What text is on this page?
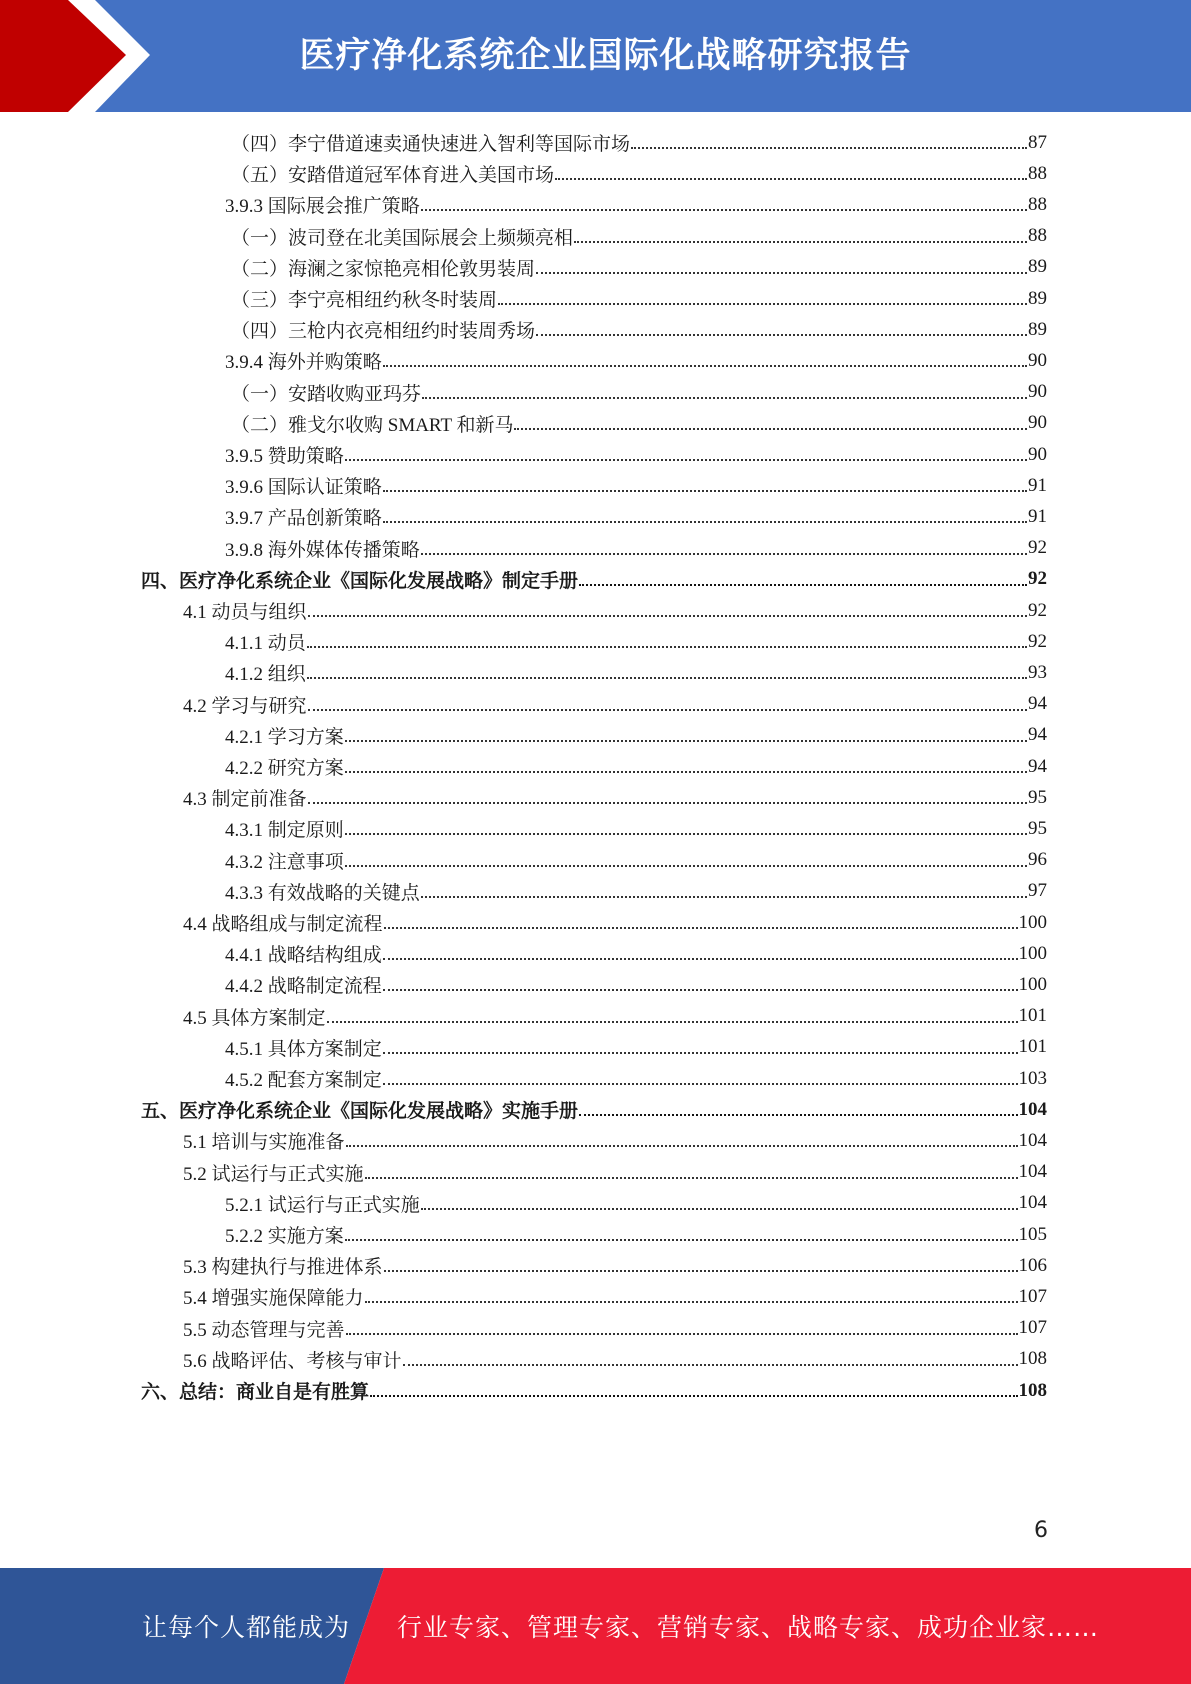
医疗净化系统企业国际化战略研究报告
（四）李宁借道速卖通快速进入智利等国际市场	87
（五）安踏借道冠军体育进入美国市场	88
3.9.3 国际展会推广策略	88
（一）波司登在北美国际展会上频频亮相	88
（二）海澜之家惊艳亮相伦敦男装周	89
（三）李宁亮相纽约秋冬时装周	89
（四）三枪内衣亮相纽约时装周秀场	89
3.9.4 海外并购策略	90
（一）安踏收购亚玛芬	90
（二）雅戈尔收购 SMART 和新马	90
3.9.5 赞助策略	90
3.9.6 国际认证策略	91
3.9.7 产品创新策略	91
3.9.8 海外媒体传播策略	92
四、医疗净化系统企业《国际化发展战略》制定手册	92
4.1 动员与组织	92
4.1.1 动员	92
4.1.2 组织	93
4.2 学习与研究	94
4.2.1 学习方案	94
4.2.2 研究方案	94
4.3 制定前准备	95
4.3.1 制定原则	95
4.3.2 注意事项	96
4.3.3 有效战略的关键点	97
4.4 战略组成与制定流程	100
4.4.1 战略结构组成	100
4.4.2 战略制定流程	100
4.5 具体方案制定	101
4.5.1 具体方案制定	101
4.5.2 配套方案制定	103
五、医疗净化系统企业《国际化发展战略》实施手册	104
5.1 培训与实施准备	104
5.2 试运行与正式实施	104
5.2.1 试运行与正式实施	104
5.2.2 实施方案	105
5.3 构建执行与推进体系	106
5.4 增强实施保障能力	107
5.5 动态管理与完善	107
5.6 战略评估、考核与审计	108
六、总结：商业自是有胜算	108
6
让每个人都能成为 行业专家、管理专家、营销专家、战略专家、成功企业家……
